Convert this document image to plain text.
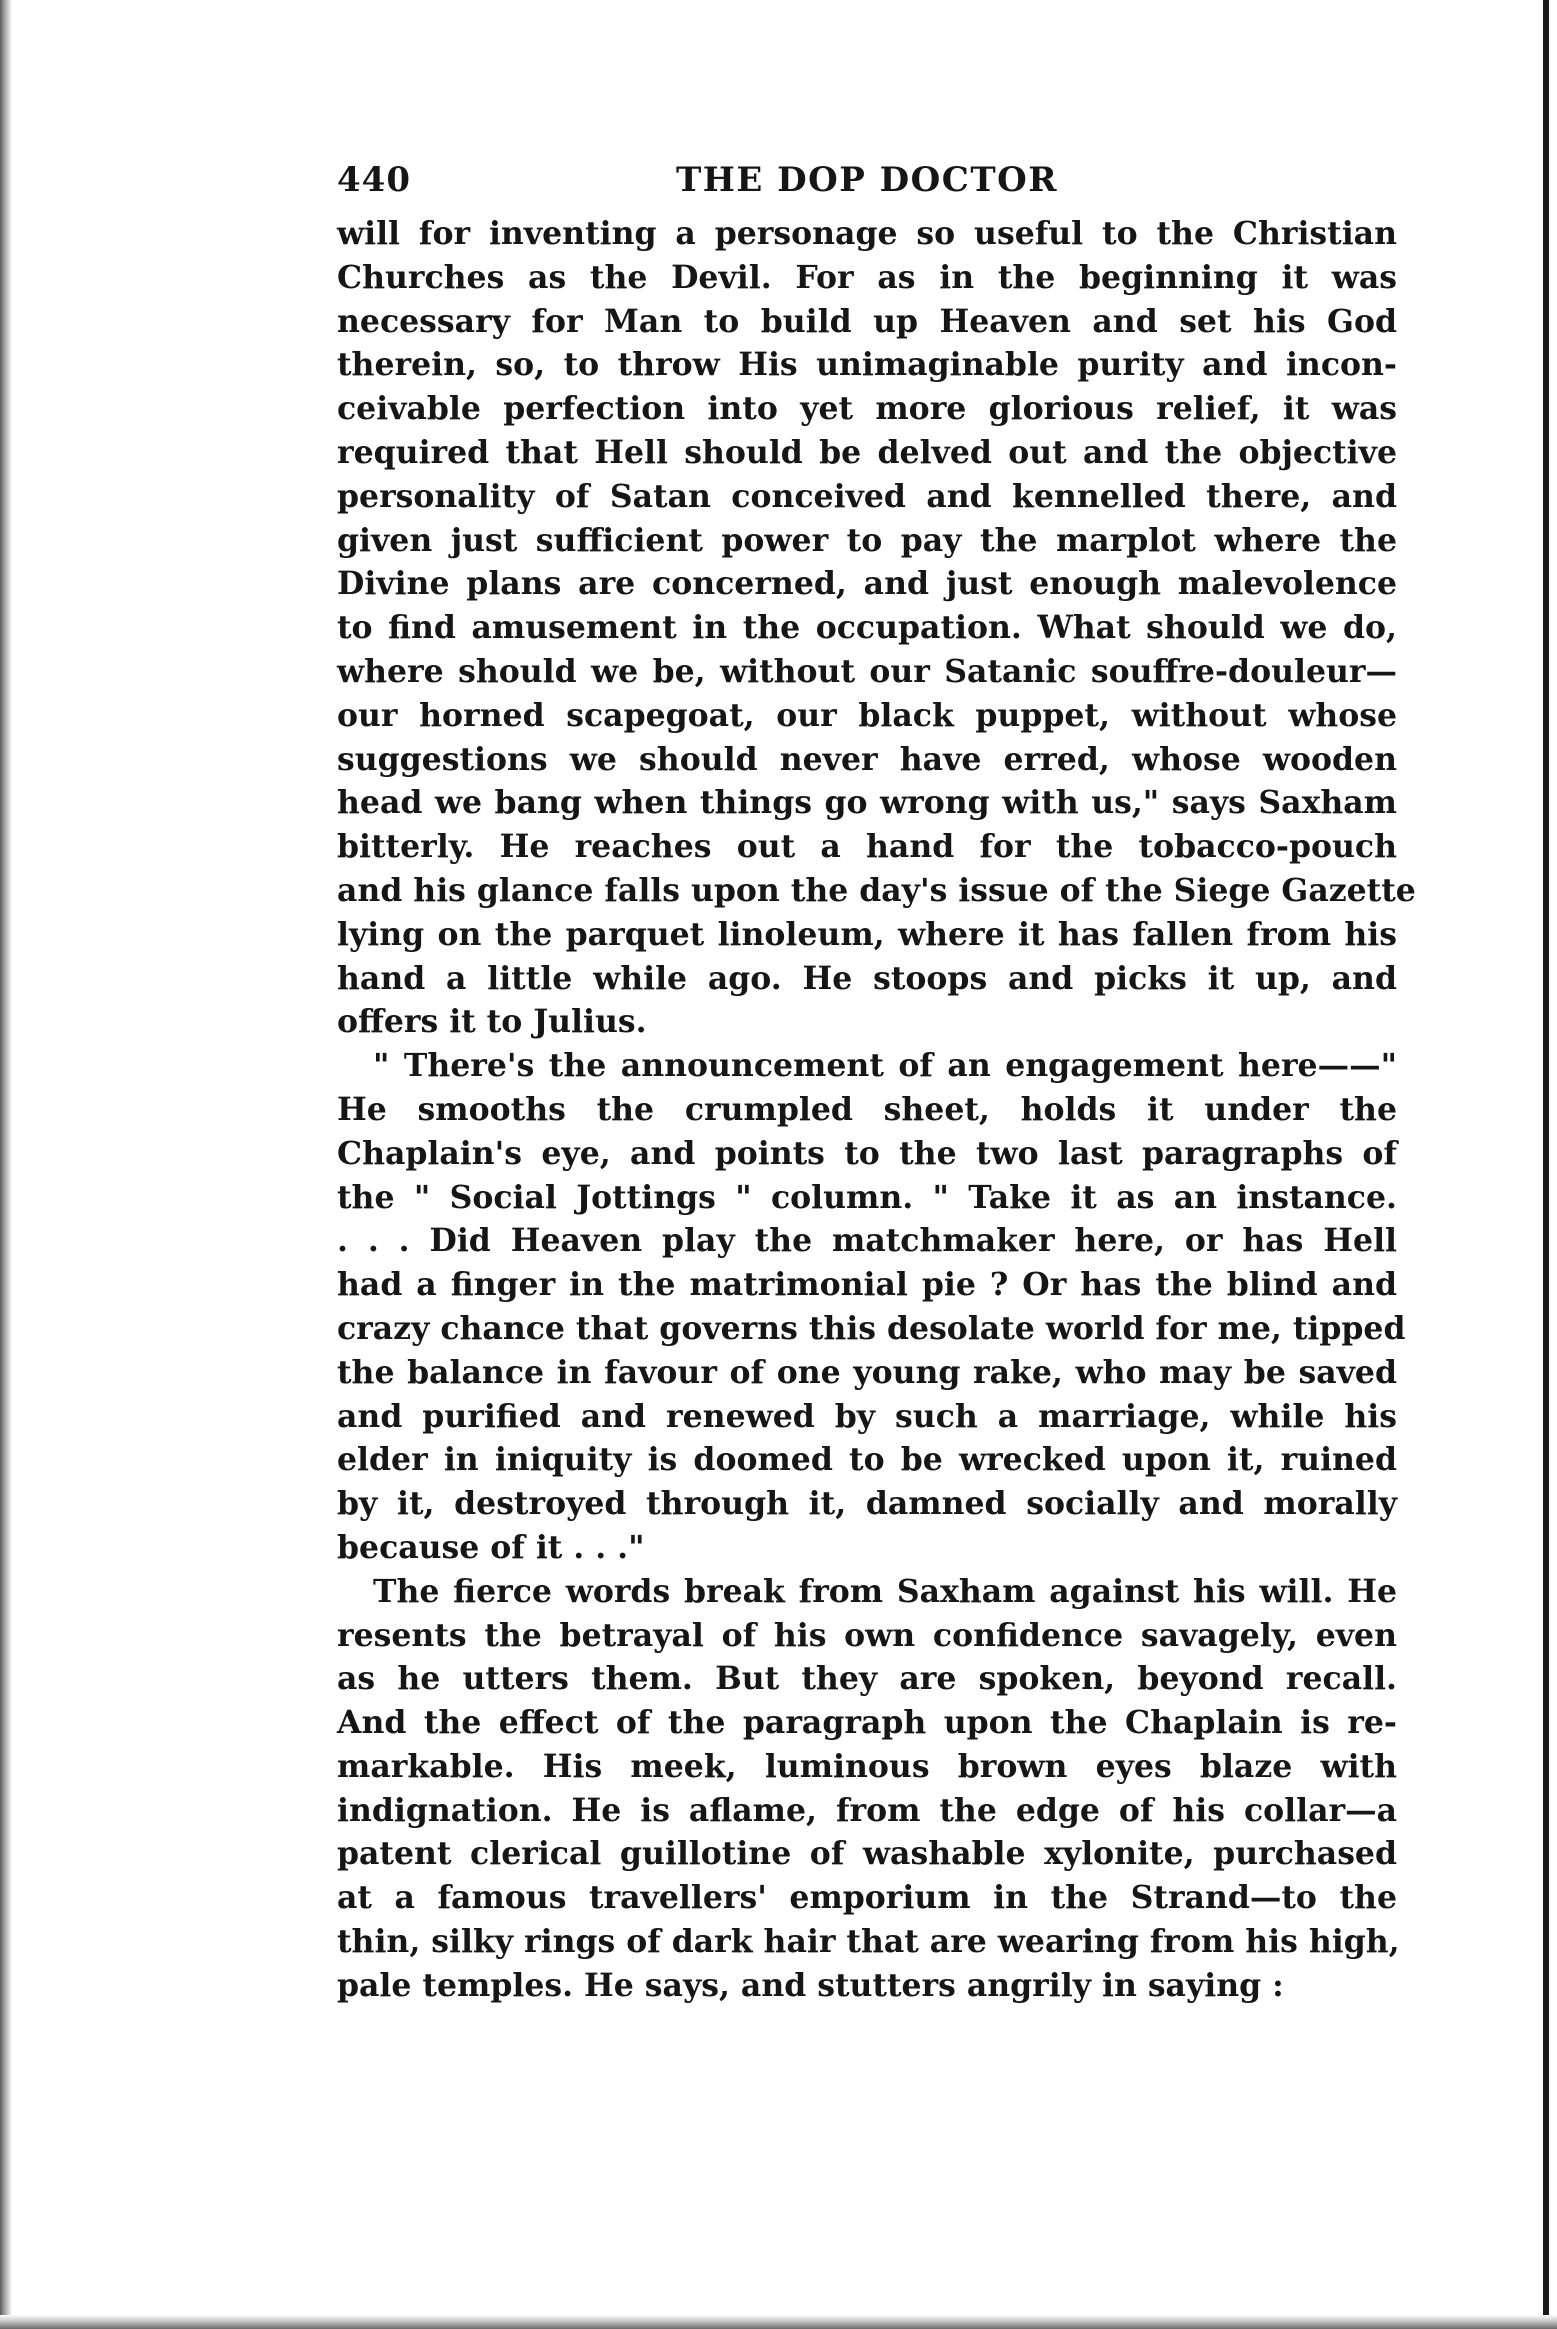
440	THE DOP DOCTOR
will for inventing a personage so useful to the Christian
Churches as the Devil. For as in the beginning it was
necessary for Man to build up Heaven and set his God
therein, so, to throw His unimaginable purity and incon-
ceivable perfection into yet more glorious relief, it was
required that Hell should be delved out and the objective
personality of Satan conceived and kennelled there, and
given just sufficient power to pay the marplot where the
Divine plans are concerned, and just enough malevolence
to find amusement in the occupation. What should we do,
where should we be, without our Satanic souffre-douleur—
our horned scapegoat, our black puppet, without whose
suggestions we should never have erred, whose wooden
head we bang when things go wrong with us," says Saxham
bitterly. He reaches out a hand for the tobacco-pouch
and his glance falls upon the day's issue of the Siege Gazette
lying on the parquet linoleum, where it has fallen from his
hand a little while ago. He stoops and picks it up, and
offers it to Julius.
" There's the announcement of an engagement here——"
He smooths the crumpled sheet, holds it under the
Chaplain's eye, and points to the two last paragraphs of
the " Social Jottings " column. " Take it as an instance.
. . . Did Heaven play the matchmaker here, or has Hell
had a finger in the matrimonial pie ? Or has the blind and
crazy chance that governs this desolate world for me, tipped
the balance in favour of one young rake, who may be saved
and purified and renewed by such a marriage, while his
elder in iniquity is doomed to be wrecked upon it, ruined
by it, destroyed through it, damned socially and morally
because of it . . ."
The fierce words break from Saxham against his will. He
resents the betrayal of his own confidence savagely, even
as he utters them. But they are spoken, beyond recall.
And the effect of the paragraph upon the Chaplain is re-
markable. His meek, luminous brown eyes blaze with
indignation. He is aflame, from the edge of his collar—a
patent clerical guillotine of washable xylonite, purchased
at a famous travellers' emporium in the Strand—to the
thin, silky rings of dark hair that are wearing from his high,
pale temples. He says, and stutters angrily in saying :
